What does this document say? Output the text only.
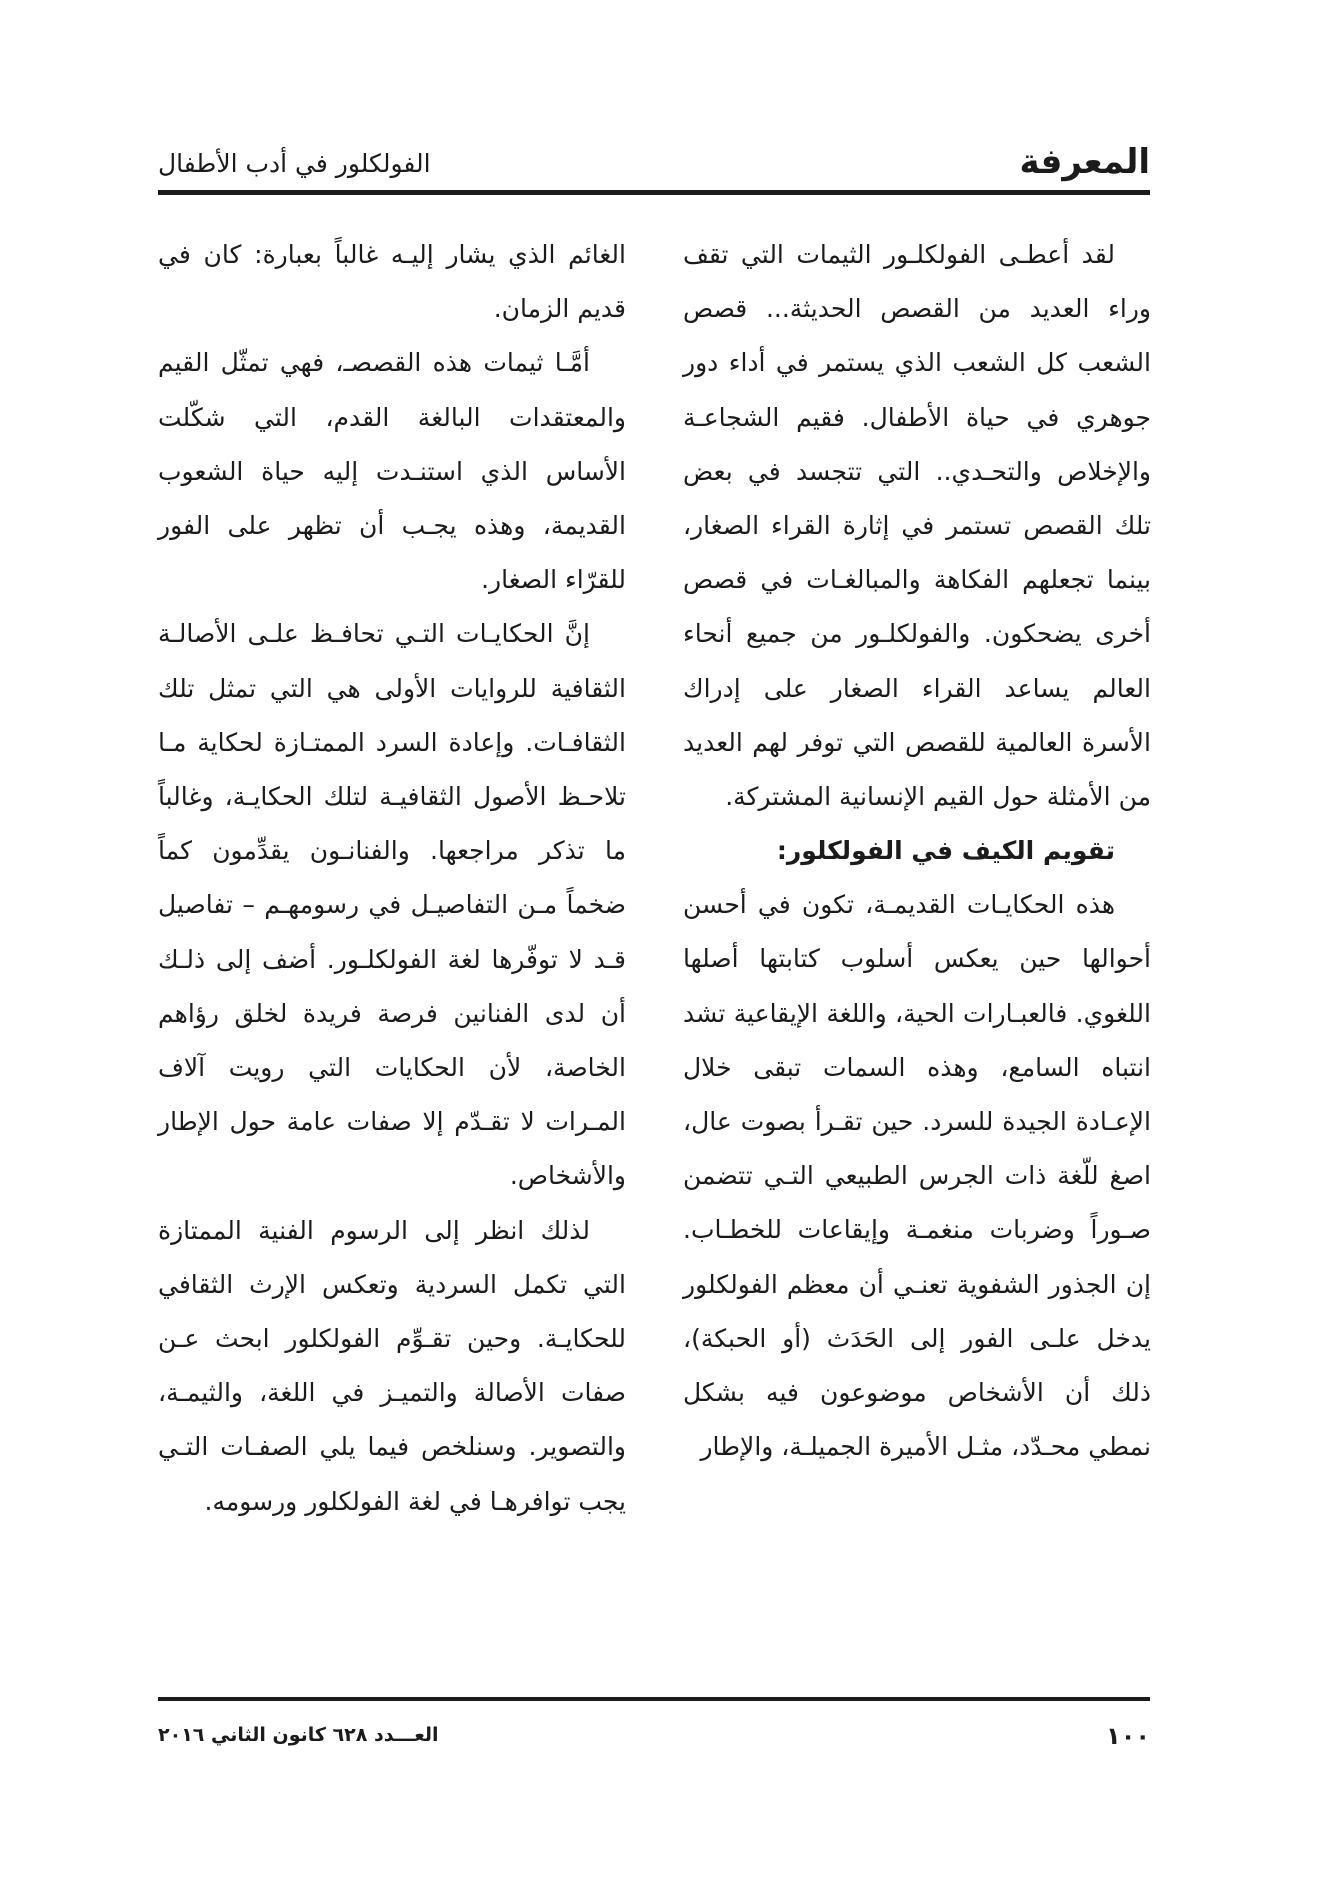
المعرفة
الفولكلور في أدب الأطفال

لقد أعطـى الفولكلـور الثيمات التي تقف وراء العديد من القصص الحديثة... قصص الشعب كل الشعب الذي يستمر في أداء دور جوهري في حياة الأطفال. فقيم الشجاعـة والإخلاص والتحـدي.. التي تتجسد في بعض تلك القصص تستمر في إثارة القراء الصغار، بينما تجعلهم الفكاهة والمبالغـات في قصص أخرى يضحكون. والفولكلـور من جميع أنحاء العالم يساعد القراء الصغار على إدراك الأسرة العالمية للقصص التي توفر لهم العديد من الأمثلة حول القيم الإنسانية المشتركة.

تقويم الكيف في الفولكلور:

هذه الحكايـات القديمـة، تكون في أحسن أحوالها حين يعكس أسلوب كتابتها أصلها اللغوي. فالعبـارات الحية، واللغة الإيقاعية تشد انتباه السامع، وهذه السمات تبقى خلال الإعـادة الجيدة للسرد. حين تقـرأ بصوت عال، اصغ للّغة ذات الجرس الطبيعي التـي تتضمن صـوراً وضربات منغمـة وإيقاعات للخطـاب. إن الجذور الشفوية تعنـي أن معظم الفولكلور يدخل علـى الفور إلى الحَدَث (أو الحبكة)، ذلك أن الأشخاص موضوعون فيه بشكل نمطي محـدّد، مثـل الأميرة الجميلـة، والإطار

الغائم الذي يشار إليـه غالباً بعبارة: كان في قديم الزمان.

أمَّـا ثيمات هذه القصصـ، فهي تمثّل القيم والمعتقدات البالغة القدم، التي شكّلت الأساس الذي استنـدت إليه حياة الشعوب القديمة، وهذه يجـب أن تظهر على الفور للقرّاء الصغار.

إنَّ الحكايـات التـي تحافـظ علـى الأصالـة الثقافية للروايات الأولى هي التي تمثل تلك الثقافـات. وإعادة السرد الممتـازة لحكاية مـا تلاحـظ الأصول الثقافيـة لتلك الحكايـة، وغالباً ما تذكر مراجعها. والفنانـون يقدِّمون كماً ضخماً مـن التفاصيـل في رسومهـم – تفاصيل قـد لا توفّرها لغة الفولكلـور. أضف إلى ذلـك أن لدى الفنانين فرصة فريدة لخلق رؤاهم الخاصة، لأن الحكايات التي رويت آلاف المـرات لا تقـدّم إلا صفات عامة حول الإطار والأشخاص.

لذلك انظر إلى الرسوم الفنية الممتازة التي تكمل السردية وتعكس الإرث الثقافي للحكايـة. وحين تقـوِّم الفولكلور ابحث عـن صفات الأصالة والتميـز في اللغة، والثيمـة، والتصوير. وسنلخص فيما يلي الصفـات التـي يجب توافرهـا في لغة الفولكلور ورسومه.

١٠٠
العـــدد ٦٢٨ كانون الثاني ٢٠١٦
